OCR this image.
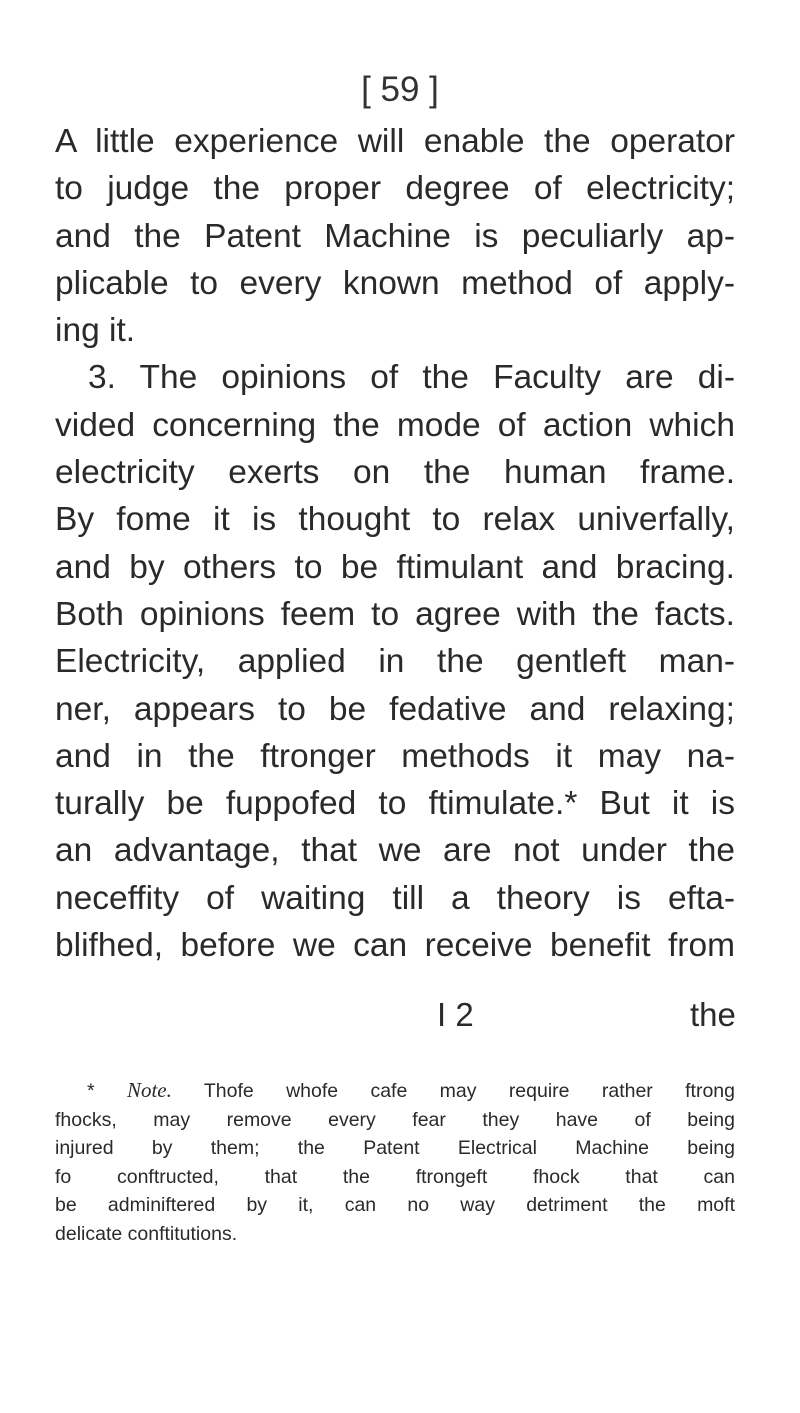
[ 59 ]
A little experience will enable the operator
to judge the proper degree of electricity;
and the Patent Machine is peculiarly ap-
plicable to every known method of apply-
ing it.
3. The opinions of the Faculty are di-
vided concerning the mode of action which
electricity exerts on the human frame.
By fome it is thought to relax univerfally,
and by others to be ftimulant and bracing.
Both opinions feem to agree with the facts.
Electricity, applied in the gentleft man-
ner, appears to be fedative and relaxing;
and in the ftronger methods it may na-
turally be fuppofed to ftimulate.* But it is
an advantage, that we are not under the
neceffity of waiting till a theory is efta-
blifhed, before we can receive benefit from
I 2	the
* Note. Thofe whofe cafe may require rather ftrong
fhocks, may remove every fear they have of being
injured by them; the Patent Electrical Machine being
fo conftructed, that the ftrongeft fhock that can
be adminiftered by it, can no way detriment the moft
delicate conftitutions.
